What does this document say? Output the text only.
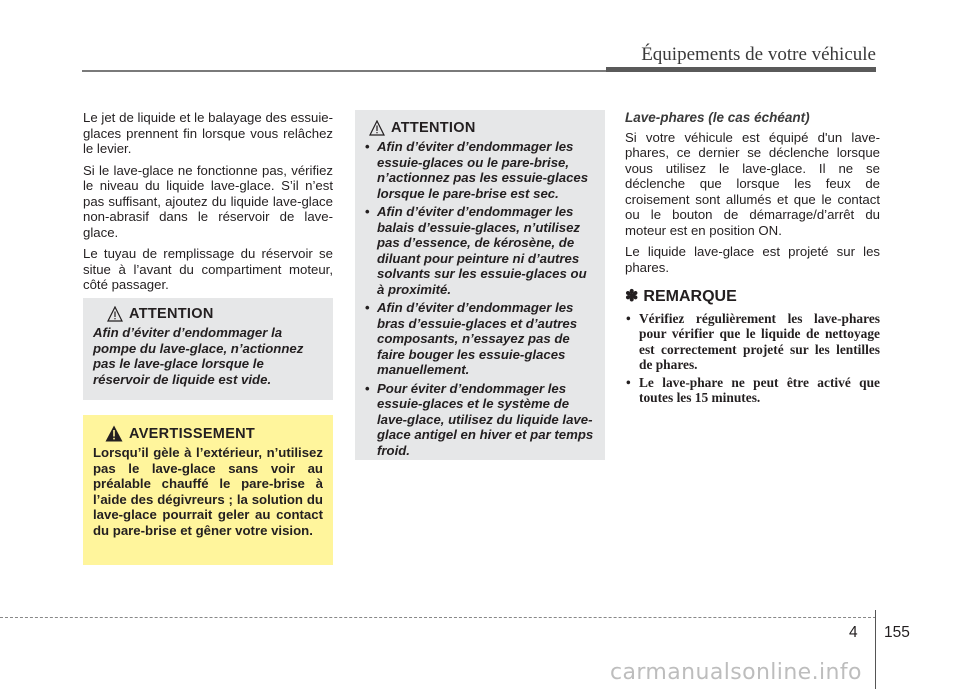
Équipements de votre véhicule

Le jet de liquide et le balayage des essuie-glaces prennent fin lorsque vous relâchez le levier.

Si le lave-glace ne fonctionne pas, vérifiez le niveau du liquide lave-glace. S’il n’est pas suffisant, ajoutez du liquide lave-glace non-abrasif dans le réservoir de lave-glace.

Le tuyau de remplissage du réservoir se situe à l’avant du compartiment moteur, côté passager.

ATTENTION
Afin d’éviter d’endommager la pompe du lave-glace, n’actionnez pas le lave-glace lorsque le réservoir de liquide est vide.
AVERTISSEMENT
Lorsqu’il gèle à l’extérieur, n’utilisez pas le lave-glace sans voir au préalable chauffé le pare-brise à l’aide des dégivreurs ; la solution du lave-glace pourrait geler au contact du pare-brise et gêner votre vision.
ATTENTION
• Afin d’éviter d’endommager les essuie-glaces ou le pare-brise, n’actionnez pas les essuie-glaces lorsque le pare-brise est sec.
• Afin d’éviter d’endommager les balais d’essuie-glaces, n’utilisez pas d’essence, de kérosène, de diluant pour peinture ni d’autres solvants sur les essuie-glaces ou à proximité.
• Afin d’éviter d’endommager les bras d’essuie-glaces et d’autres composants, n’essayez pas de faire bouger les essuie-glaces manuellement.
• Pour éviter d’endommager les essuie-glaces et le système de lave-glace, utilisez du liquide lave-glace antigel en hiver et par temps froid.
Lave-phares (le cas échéant)

Si votre véhicule est équipé d'un lave-phares, ce dernier se déclenche lorsque vous utilisez le lave-glace. Il ne se déclenche que lorsque les feux de croisement sont allumés et que le contact ou le bouton de démarrage/d’arrêt du moteur est en position ON.

Le liquide lave-glace est projeté sur les phares.

✽ REMARQUE
• Vérifiez régulièrement les lave-phares pour vérifier que le liquide de nettoyage est correctement projeté sur les lentilles de phares.
• Le lave-phare ne peut être activé que toutes les 15 minutes.
4 155
carmanualsonline.info
